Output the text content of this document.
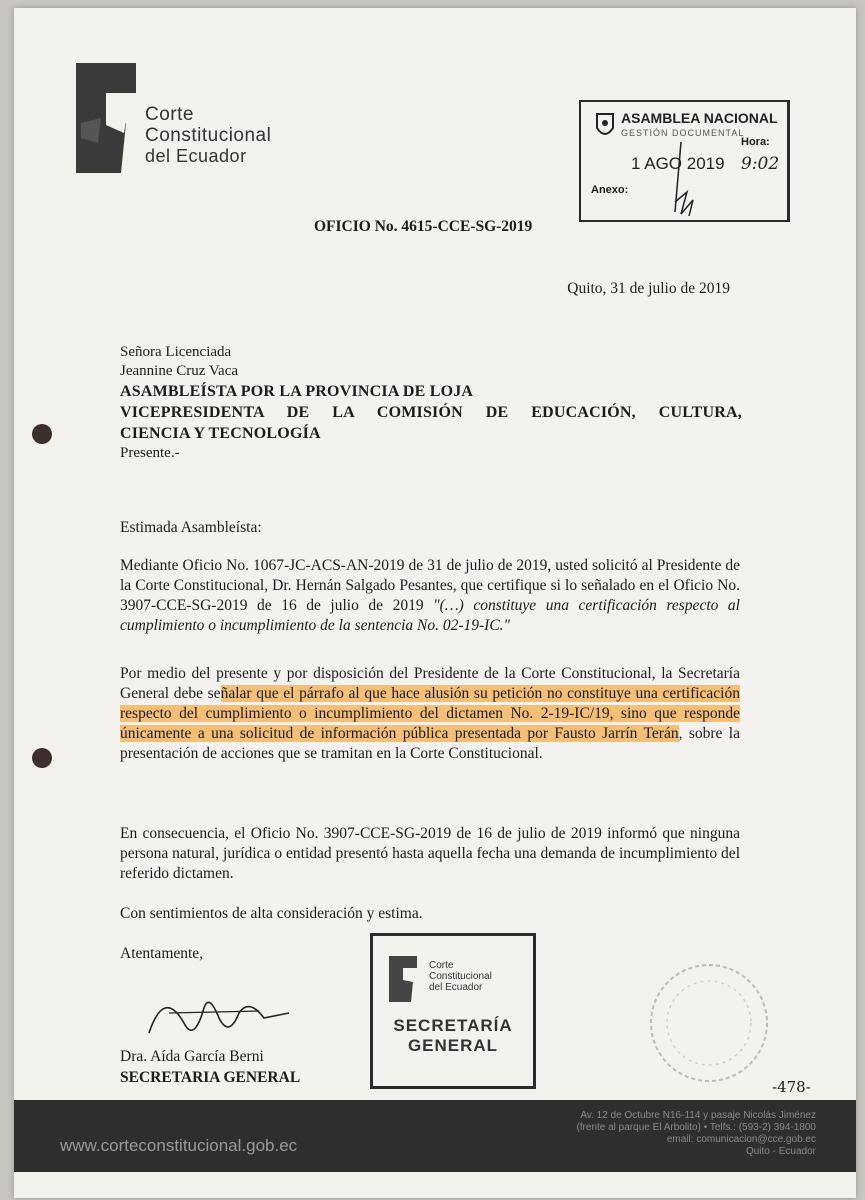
Corte
Constitucional
del Ecuador
ASAMBLEA NACIONAL
GESTIÓN DOCUMENTAL
1 AGO 2019
Hora:
9:02
Anexo:
OFICIO No. 4615-CCE-SG-2019
Quito, 31 de julio de 2019
Señora Licenciada
Jeannine Cruz Vaca
ASAMBLEÍSTA POR LA PROVINCIA DE LOJA
VICEPRESIDENTA DE LA COMISIÓN DE EDUCACIÓN, CULTURA,
CIENCIA Y TECNOLOGÍA
Presente.-
Estimada Asambleísta:
Mediante Oficio No. 1067-JC-ACS-AN-2019 de 31 de julio de 2019, usted solicitó al Presidente de la Corte Constitucional, Dr. Hernán Salgado Pesantes, que certifique si lo señalado en el Oficio No. 3907-CCE-SG-2019 de 16 de julio de 2019 "(…) constituye una certificación respecto al cumplimiento o incumplimiento de la sentencia No. 02-19-IC."
Por medio del presente y por disposición del Presidente de la Corte Constitucional, la Secretaría General debe señalar que el párrafo al que hace alusión su petición no constituye una certificación respecto del cumplimiento o incumplimiento del dictamen No. 2-19-IC/19, sino que responde únicamente a una solicitud de información pública presentada por Fausto Jarrín Terán, sobre la presentación de acciones que se tramitan en la Corte Constitucional.
En consecuencia, el Oficio No. 3907-CCE-SG-2019 de 16 de julio de 2019 informó que ninguna persona natural, jurídica o entidad presentó hasta aquella fecha una demanda de incumplimiento del referido dictamen.
Con sentimientos de alta consideración y estima.
Atentamente,
Corte
Constitucional
del Ecuador
SECRETARÍA
GENERAL
Dra. Aída García Berni
SECRETARIA GENERAL
-478-
www.corteconstitucional.gob.ec
Av. 12 de Octubre N16-114 y pasaje Nicolás Jiménez
(frente al parque El Arbolito) • Telfs.: (593-2) 394-1800
email: comunicacion@cce.gob.ec
Quito - Ecuador
